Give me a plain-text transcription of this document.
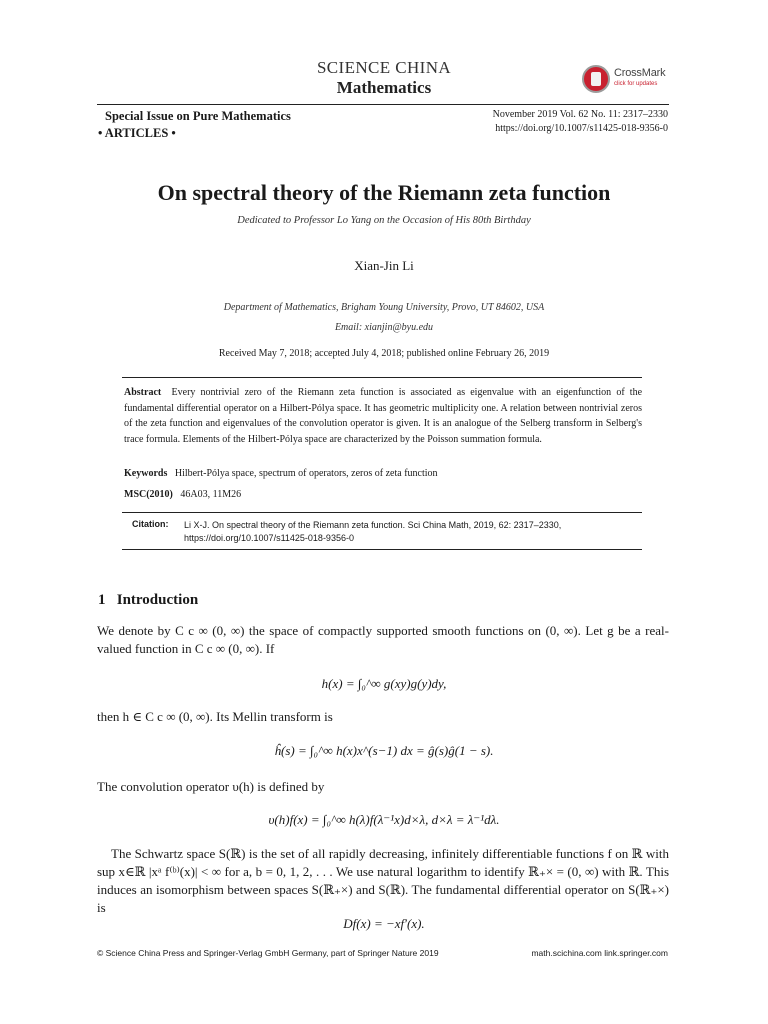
SCIENCE CHINA
Mathematics
CrossMark
click for updates
Special Issue on Pure Mathematics
• ARTICLES •
November 2019 Vol. 62 No. 11: 2317–2330
https://doi.org/10.1007/s11425-018-9356-0
On spectral theory of the Riemann zeta function
Dedicated to Professor Lo Yang on the Occasion of His 80th Birthday
Xian-Jin Li
Department of Mathematics, Brigham Young University, Provo, UT 84602, USA
Email: xianjin@byu.edu
Received May 7, 2018; accepted July 4, 2018; published online February 26, 2019
Abstract Every nontrivial zero of the Riemann zeta function is associated as eigenvalue with an eigenfunction of the fundamental differential operator on a Hilbert-Pólya space. It has geometric multiplicity one. A relation between nontrivial zeros of the zeta function and eigenvalues of the convolution operator is given. It is an analogue of the Selberg transform in Selberg's trace formula. Elements of the Hilbert-Pólya space are characterized by the Poisson summation formula.
Keywords Hilbert-Pólya space, spectrum of operators, zeros of zeta function
MSC(2010) 46A03, 11M26
Citation: Li X-J. On spectral theory of the Riemann zeta function. Sci China Math, 2019, 62: 2317–2330, https://doi.org/10.1007/s11425-018-9356-0
1 Introduction
We denote by C c ∞ (0, ∞) the space of compactly supported smooth functions on (0, ∞). Let g be a real-valued function in C c ∞ (0, ∞). If
h(x) = ∫₀^∞ g(xy)g(y)dy,
then h ∈ C c ∞ (0, ∞). Its Mellin transform is
ĥ(s) = ∫₀^∞ h(x)x^(s−1) dx = ĝ(s)ĝ(1 − s).
The convolution operator υ(h) is defined by
υ(h)f(x) = ∫₀^∞ h(λ)f(λ⁻¹x)d×λ, d×λ = λ⁻¹dλ.
The Schwartz space S(ℝ) is the set of all rapidly decreasing, infinitely differentiable functions f on ℝ with sup x∈ℝ |xᵃ f⁽ᵇ⁾(x)| < ∞ for a, b = 0, 1, 2, . . . We use natural logarithm to identify ℝ₊× = (0, ∞) with ℝ. This induces an isomorphism between spaces S(ℝ₊×) and S(ℝ). The fundamental differential operator on S(ℝ₊×) is
Df(x) = −xf′(x).
© Science China Press and Springer-Verlag GmbH Germany, part of Springer Nature 2019	math.scichina.com link.springer.com
